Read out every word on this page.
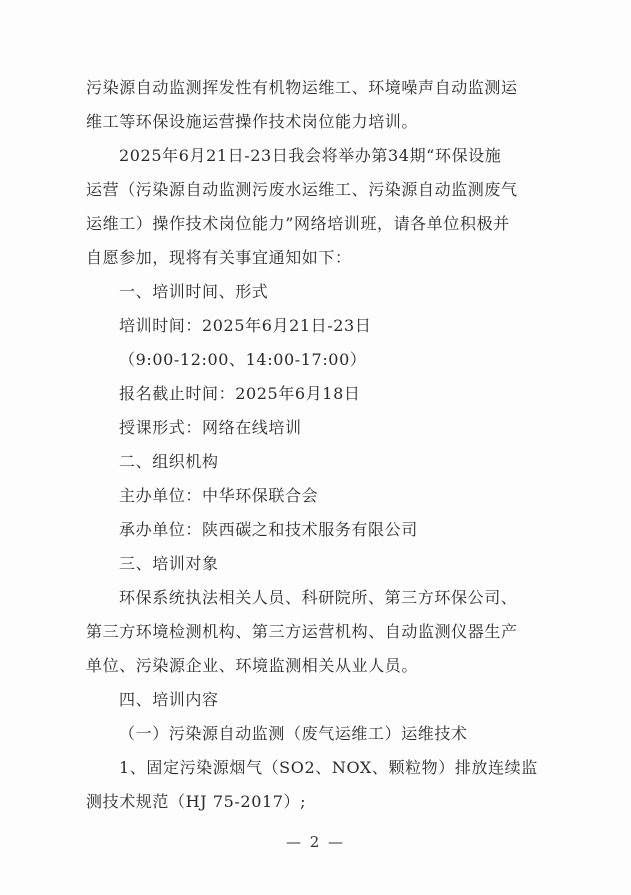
污染源自动监测挥发性有机物运维工、环境噪声自动监测运
维工等环保设施运营操作技术岗位能力培训。
2025年6月21日-23日我会将举办第34期“环保设施
运营（污染源自动监测污废水运维工、污染源自动监测废气
运维工）操作技术岗位能力”网络培训班，请各单位积极并
自愿参加，现将有关事宜通知如下：
一、培训时间、形式
培训时间：2025年6月21日-23日
（9:00-12:00、14:00-17:00）
报名截止时间：2025年6月18日
授课形式：网络在线培训
二、组织机构
主办单位：中华环保联合会
承办单位：陕西碳之和技术服务有限公司
三、培训对象
环保系统执法相关人员、科研院所、第三方环保公司、
第三方环境检测机构、第三方运营机构、自动监测仪器生产
单位、污染源企业、环境监测相关从业人员。
四、培训内容
（一）污染源自动监测（废气运维工）运维技术
1、固定污染源烟气（SO2、NOX、颗粒物）排放连续监
测技术规范（HJ 75-2017）;
— 2 —
